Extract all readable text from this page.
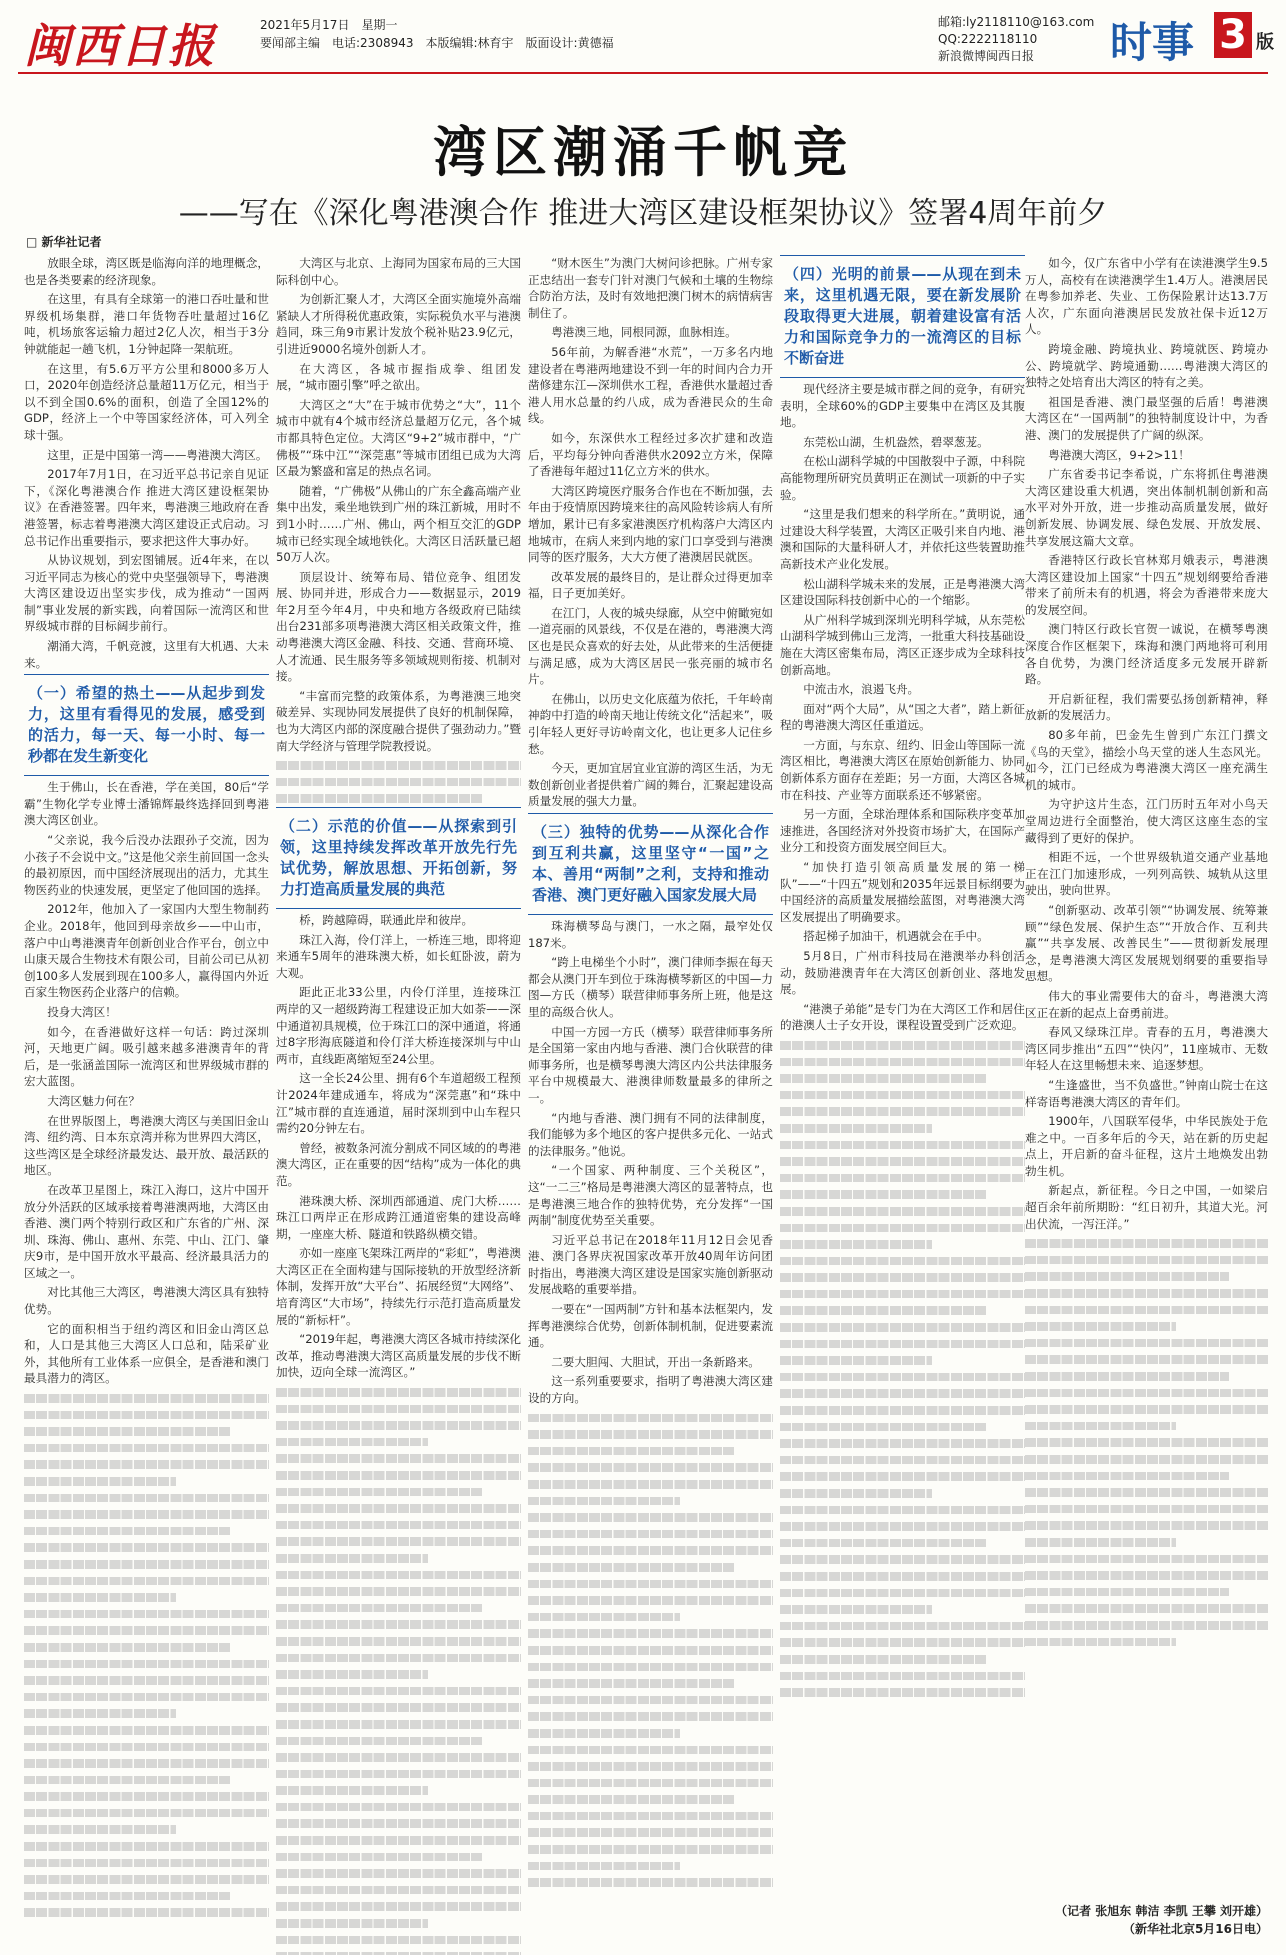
闽西日报	2021年5月17日　星期一
要闻部主编　电话:2308943　本版编辑:林育宇　版面设计:黄德福
邮箱:ly2118110@163.com
QQ:2222118110
新浪微博闽西日报	时事 3 版
湾区潮涌千帆竞
——写在《深化粤港澳合作 推进大湾区建设框架协议》签署4周年前夕
□ 新华社记者

放眼全球，湾区既是临海向洋的地理概念，也是各类要素的经济现象。

在这里，有具有全球第一的港口吞吐量和世界级机场集群，港口年货物吞吐量超过16亿吨，机场旅客运输力超过2亿人次，相当于3分钟就能起一趟飞机，1分钟起降一架航班。

在这里，有5.6万平方公里和8000多万人口，2020年创造经济总量超11万亿元，相当于以不到全国0.6%的面积，创造了全国12%的GDP，经济上一个中等国家经济体，可入列全球十强。

这里，正是中国第一湾——粤港澳大湾区。

2017年7月1日，在习近平总书记亲自见证下，《深化粤港澳合作 推进大湾区建设框架协议》在香港签署。四年来，粤港澳三地政府在香港签署，标志着粤港澳大湾区建设正式启动。习总书记作出重要指示，要求把这件大事办好。

从协议规划，到宏图铺展。近4年来，在以习近平同志为核心的党中央坚强领导下，粤港澳大湾区建设迈出坚实步伐，成为推动“一国两制”事业发展的新实践，向着国际一流湾区和世界级城市群的目标阔步前行。

潮涌大湾，千帆竞渡，这里有大机遇、大未来。

（一）希望的热土——从起步到发力，这里有看得见的发展，感受到的活力，每一天、每一小时、每一秒都在发生新变化

生于佛山，长在香港，学在美国，80后“学霸”生物化学专业博士潘锦辉最终选择回到粤港澳大湾区创业。

“父亲说，我今后没办法跟孙子交流，因为小孩子不会说中文。”这是他父亲生前回国一念头的最初原因，而中国经济展现出的活力，尤其生物医药业的快速发展，更坚定了他回国的选择。

2012年，他加入了一家国内大型生物制药企业。2018年，他回到母亲故乡——中山市，落户中山粤港澳青年创新创业合作平台，创立中山康天晟合生物技术有限公司，目前公司已从初创100多人发展到现在100多人，赢得国内外近百家生物医药企业落户的信赖。

投身大湾区！

如今，在香港做好这样一句话：跨过深圳河，天地更广阔。吸引越来越多港澳青年的背后，是一张涵盖国际一流湾区和世界级城市群的宏大蓝图。

大湾区魅力何在？

在世界版图上，粤港澳大湾区与美国旧金山湾、纽约湾、日本东京湾并称为世界四大湾区，这些湾区是全球经济最发达、最开放、最活跃的地区。

在改革卫星图上，珠江入海口，这片中国开放分外活跃的区域承接着粤港澳两地，大湾区由香港、澳门两个特别行政区和广东省的广州、深圳、珠海、佛山、惠州、东莞、中山、江门、肇庆9市，是中国开放水平最高、经济最具活力的区域之一。

对比其他三大湾区，粤港澳大湾区具有独特优势。

它的面积相当于纽约湾区和旧金山湾区总和，人口是其他三大湾区人口总和，陆采矿业外，其他所有工业体系一应俱全，是香港和澳门最具潜力的湾区。

大湾区与北京、上海同为国家布局的三大国际科创中心。

为创新汇聚人才，大湾区全面实施境外高端紧缺人才所得税优惠政策，实际税负水平与港澳趋同，珠三角9市累计发放个税补贴23.9亿元，引进近9000名境外创新人才。

在大湾区，各城市握指成拳、组团发展，“城市圈引擎”呼之欲出。

大湾区之“大”在于城市优势之“大”，11个城市中就有4个城市经济总量超万亿元，各个城市都具特色定位。大湾区“9+2”城市群中，“广佛极”“珠中江”“深莞惠”等城市团组已成为大湾区最为繁盛和富足的热点名词。

随着，“广佛极”从佛山的广东全鑫高端产业集中出发，乘坐地铁到广州的珠江新城，用时不到1小时……广州、佛山，两个相互交汇的GDP城市已经实现全域地铁化。大湾区日活跃量已超50万人次。

顶层设计、统筹布局、错位竞争、组团发展、协同并进，形成合力——数据显示，2019年2月至今年4月，中央和地方各级政府已陆续出台231部多项粤港澳大湾区相关政策文件，推动粤港澳大湾区金融、科技、交通、营商环境、人才流通、民生服务等多领域规则衔接、机制对接。

“丰富而完整的政策体系，为粤港澳三地突破差异、实现协同发展提供了良好的机制保障，也为大湾区内部的深度融合提供了强劲动力。”暨南大学经济与管理学院教授说。

（二）示范的价值——从探索到引领，这里持续发挥改革开放先行先试优势，解放思想、开拓创新，努力打造高质量发展的典范

桥，跨越障碍，联通此岸和彼岸。

珠江入海，伶仃洋上，一桥连三地，即将迎来通车5周年的港珠澳大桥，如长虹卧波，蔚为大观。

距此正北33公里，内伶仃洋里，连接珠江两岸的又一超级跨海工程建设正加大如荼——深中通道初具规模，位于珠江口的深中通道，将通过8字形海底隧道和伶仃洋大桥连接深圳与中山两市，直线距离缩短至24公里。

这一全长24公里、拥有6个车道超级工程预计2024年建成通车，将成为“深莞惠”和“珠中江”城市群的直连通道，届时深圳到中山车程只需约20分钟左右。

曾经，被数条河流分割成不同区域的的粤港澳大湾区，正在重要的因“结构”成为一体化的典范。

港珠澳大桥、深圳西部通道、虎门大桥……珠江口两岸正在形成跨江通道密集的建设高峰期，一座座大桥、隧道和铁路纵横交错。

亦如一座座飞架珠江两岸的“彩虹”，粤港澳大湾区正在全面构建与国际接轨的开放型经济新体制，发挥开放“大平台”、拓展经贸“大网络”、培育湾区“大市场”，持续先行示范打造高质量发展的“新标杆”。

“2019年起，粤港澳大湾区各城市持续深化改革，推动粤港澳大湾区高质量发展的步伐不断加快，迈向全球一流湾区。”

“财木医生”为澳门大树问诊把脉。广州专家正忠结出一套专门针对澳门气候和土壤的生物综合防治方法，及时有效地把澳门树木的病情病害制住了。

粤港澳三地，同根同源，血脉相连。

56年前，为解香港“水荒”，一万多名内地建设者在粤港两地建设不到一年的时间内合力开凿修建东江—深圳供水工程，香港供水量超过香港人用水总量的约八成，成为香港民众的生命线。

如今，东深供水工程经过多次扩建和改造后，平均每分钟向香港供水2092立方米，保障了香港每年超过11亿立方米的供水。

大湾区跨境医疗服务合作也在不断加强，去年由于疫情原因跨境来往的高风险转诊病人有所增加，累计已有多家港澳医疗机构落户大湾区内地城市，在病人来到内地的家门口享受到与港澳同等的医疗服务，大大方便了港澳居民就医。

改革发展的最终目的，是让群众过得更加幸福，日子更加美好。

在江门，人夜的城央绿廊，从空中俯瞰宛如一道亮丽的风景线，不仅是在港的，粤港澳大湾区也是民众喜欢的好去处，从此带来的生活便捷与满足感，成为大湾区居民一张亮丽的城市名片。

在佛山，以历史文化底蕴为依托，千年岭南神韵中打造的岭南天地让传统文化“活起来”，吸引年轻人更好寻访岭南文化，也让更多人记住乡愁。

今天，更加宜居宜业宜游的湾区生活，为无数创新创业者提供着广阔的舞台，汇聚起建设高质量发展的强大力量。

（三）独特的优势——从深化合作到互利共赢，这里坚守“一国”之本、善用“两制”之利，支持和推动香港、澳门更好融入国家发展大局

珠海横琴岛与澳门，一水之隔，最窄处仅187米。

“跨上电梯坐个小时”，澳门律师李振在每天都会从澳门开车到位于珠海横琴新区的中国—力图—方氏（横琴）联营律师事务所上班，他是这里的高级合伙人。

中国一方园一方氏（横琴）联营律师事务所是全国第一家由内地与香港、澳门合伙联营的律师事务所，也是横琴粤澳大湾区内公共法律服务平台中规模最大、港澳律师数量最多的律所之一。

“内地与香港、澳门拥有不同的法律制度，我们能够为多个地区的客户提供多元化、一站式的法律服务。”他说。

“一个国家、两种制度、三个关税区”，这“一二三”格局是粤港澳大湾区的显著特点，也是粤港澳三地合作的独特优势，充分发挥“一国两制”制度优势至关重要。

习近平总书记在2018年11月12日会见香港、澳门各界庆祝国家改革开放40周年访问团时指出，粤港澳大湾区建设是国家实施创新驱动发展战略的重要举措。

一要在“一国两制”方针和基本法框架内，发挥粤港澳综合优势，创新体制机制，促进要素流通。

二要大胆闯、大胆试，开出一条新路来。

这一系列重要要求，指明了粤港澳大湾区建设的方向。

（四）光明的前景——从现在到未来，这里机遇无限，要在新发展阶段取得更大进展，朝着建设富有活力和国际竞争力的一流湾区的目标不断奋进

现代经济主要是城市群之间的竞争，有研究表明，全球60%的GDP主要集中在湾区及其腹地。

东莞松山湖，生机盎然，碧翠葱茏。

在松山湖科学城的中国散裂中子源，中科院高能物理所研究员黄明正在测试一项新的中子实验。

“这里是我们想来的科学所在。”黄明说，通过建设大科学装置，大湾区正吸引来自内地、港澳和国际的大量科研人才，并依托这些装置助推高新技术产业化发展。

松山湖科学城未来的发展，正是粤港澳大湾区建设国际科技创新中心的一个缩影。

从广州科学城到深圳光明科学城，从东莞松山湖科学城到佛山三龙湾，一批重大科技基础设施在大湾区密集布局，湾区正逐步成为全球科技创新高地。

中流击水，浪遏飞舟。

面对“两个大局”，从“国之大者”，踏上新征程的粤港澳大湾区任重道远。

一方面，与东京、纽约、旧金山等国际一流湾区相比，粤港澳大湾区在原始创新能力、协同创新体系方面存在差距；另一方面，大湾区各城市在科技、产业等方面联系还不够紧密。

另一方面，全球治理体系和国际秩序变革加速推进，各国经济对外投资市场扩大，在国际产业分工和投资方面发展空间巨大。

“加快打造引领高质量发展的第一梯队”——“十四五”规划和2035年远景目标纲要为中国经济的高质量发展描绘蓝图，对粤港澳大湾区发展提出了明确要求。

搭起梯子加油干，机遇就会在手中。

5月8日，广州市科技局在港澳举办科创活动，鼓励港澳青年在大湾区创新创业、落地发展。

“港澳子弟能”是专门为在大湾区工作和居住的港澳人士子女开设，课程设置受到广泛欢迎。

如今，仅广东省中小学有在读港澳学生9.5万人，高校有在读港澳学生1.4万人。港澳居民在粤参加养老、失业、工伤保险累计达13.7万人次，广东面向港澳居民发放社保卡近12万人。

跨境金融、跨境执业、跨境就医、跨境办公、跨境就学、跨境通勤……粤港澳大湾区的独特之处培育出大湾区的特有之美。

祖国是香港、澳门最坚强的后盾！粤港澳大湾区在“一国两制”的独特制度设计中，为香港、澳门的发展提供了广阔的纵深。

粤港澳大湾区，9+2>11！

广东省委书记李希说，广东将抓住粤港澳大湾区建设重大机遇，突出体制机制创新和高水平对外开放，进一步推动高质量发展，做好创新发展、协调发展、绿色发展、开放发展、共享发展这篇大文章。

香港特区行政长官林郑月娥表示，粤港澳大湾区建设加上国家“十四五”规划纲要给香港带来了前所未有的机遇，将会为香港带来庞大的发展空间。

澳门特区行政长官贺一诚说，在横琴粤澳深度合作区框架下，珠海和澳门两地将可利用各自优势，为澳门经济适度多元发展开辟新路。

开启新征程，我们需要弘扬创新精神，释放新的发展活力。

80多年前，巴金先生曾到广东江门撰文《鸟的天堂》，描绘小鸟天堂的迷人生态风光。如今，江门已经成为粤港澳大湾区一座充满生机的城市。

为守护这片生态，江门历时五年对小鸟天堂周边进行全面整治，使大湾区这座生态的宝藏得到了更好的保护。

相距不远，一个世界级轨道交通产业基地正在江门加速形成，一列列高铁、城轨从这里驶出，驶向世界。

“创新驱动、改革引领”“协调发展、统筹兼顾”“绿色发展、保护生态”“开放合作、互利共赢”“共享发展、改善民生”——贯彻新发展理念，是粤港澳大湾区发展规划纲要的重要指导思想。

伟大的事业需要伟大的奋斗，粤港澳大湾区正在新的起点上奋勇前进。

春风又绿珠江岸。青春的五月，粤港澳大湾区同步推出“五四”“快闪”，11座城市、无数年轻人在这里畅想未来、追逐梦想。

“生逢盛世，当不负盛世。”钟南山院士在这样寄语粤港澳大湾区的青年们。

1900年，八国联军侵华，中华民族处于危难之中。一百多年后的今天，站在新的历史起点上，开启新的奋斗征程，这片土地焕发出勃勃生机。

新起点，新征程。今日之中国，一如梁启超百余年前所期盼：“红日初升，其道大光。河出伏流，一泻汪洋。”

（记者 张旭东 韩洁 李凯 王攀 刘开雄）
（新华社北京5月16日电）
